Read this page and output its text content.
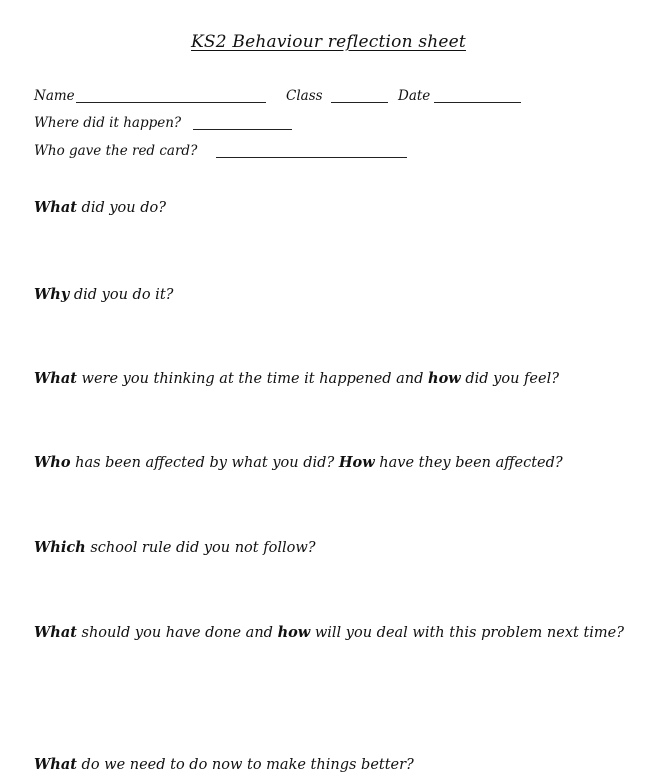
KS2 Behaviour reflection sheet
Name	Class	Date
Where did it happen?
Who gave the red card?
What did you do?
Why did you do it?
What were you thinking at the time it happened and how did you feel?
Who has been affected by what you did? How have they been affected?
Which school rule did you not follow?
What should you have done and how will you deal with this problem next time?
What do we need to do now to make things better?
